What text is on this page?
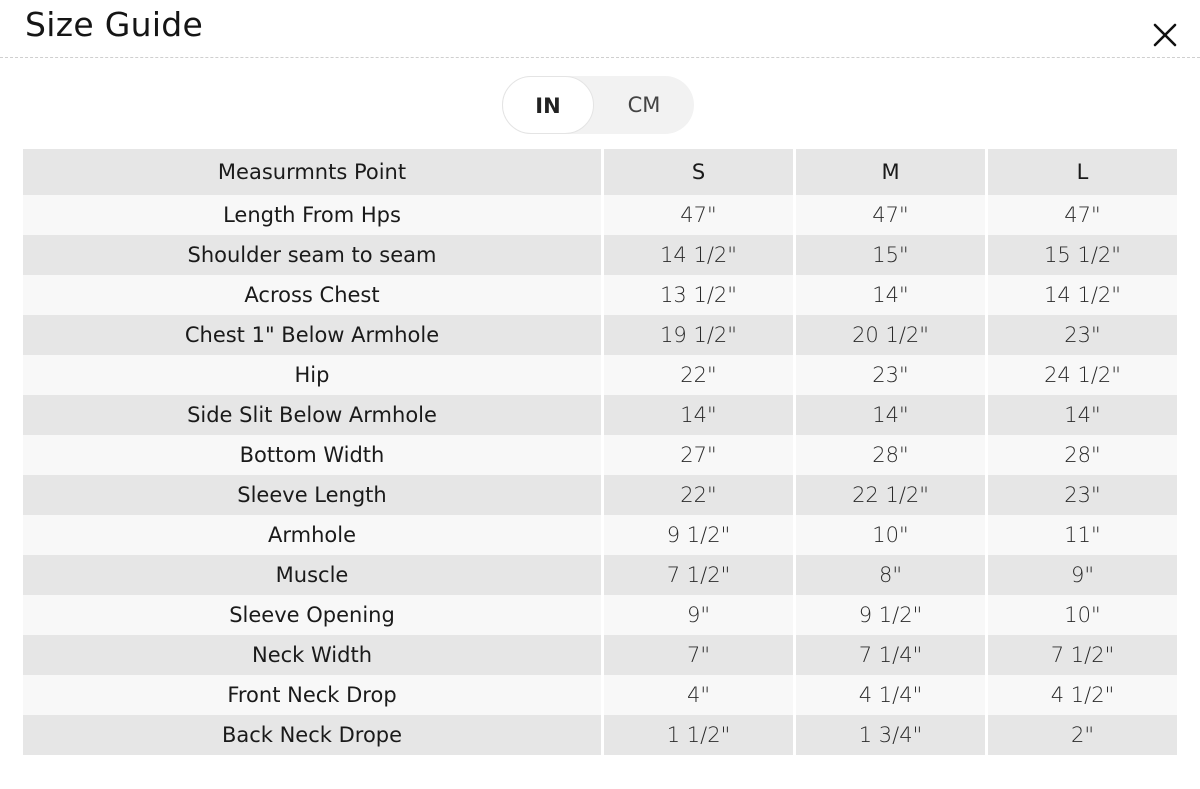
Size Guide
IN	CM
Measurmnts Point	S	M	L
Length From Hps	47"	47"	47"
Shoulder seam to seam	14 1/2"	15"	15 1/2"
Across Chest	13 1/2"	14"	14 1/2"
Chest 1" Below Armhole	19 1/2"	20 1/2"	23"
Hip	22"	23"	24 1/2"
Side Slit Below Armhole	14"	14"	14"
Bottom Width	27"	28"	28"
Sleeve Length	22"	22 1/2"	23"
Armhole	9 1/2"	10"	11"
Muscle	7 1/2"	8"	9"
Sleeve Opening	9"	9 1/2"	10"
Neck Width	7"	7 1/4"	7 1/2"
Front Neck Drop	4"	4 1/4"	4 1/2"
Back Neck Drope	1 1/2"	1 3/4"	2"
